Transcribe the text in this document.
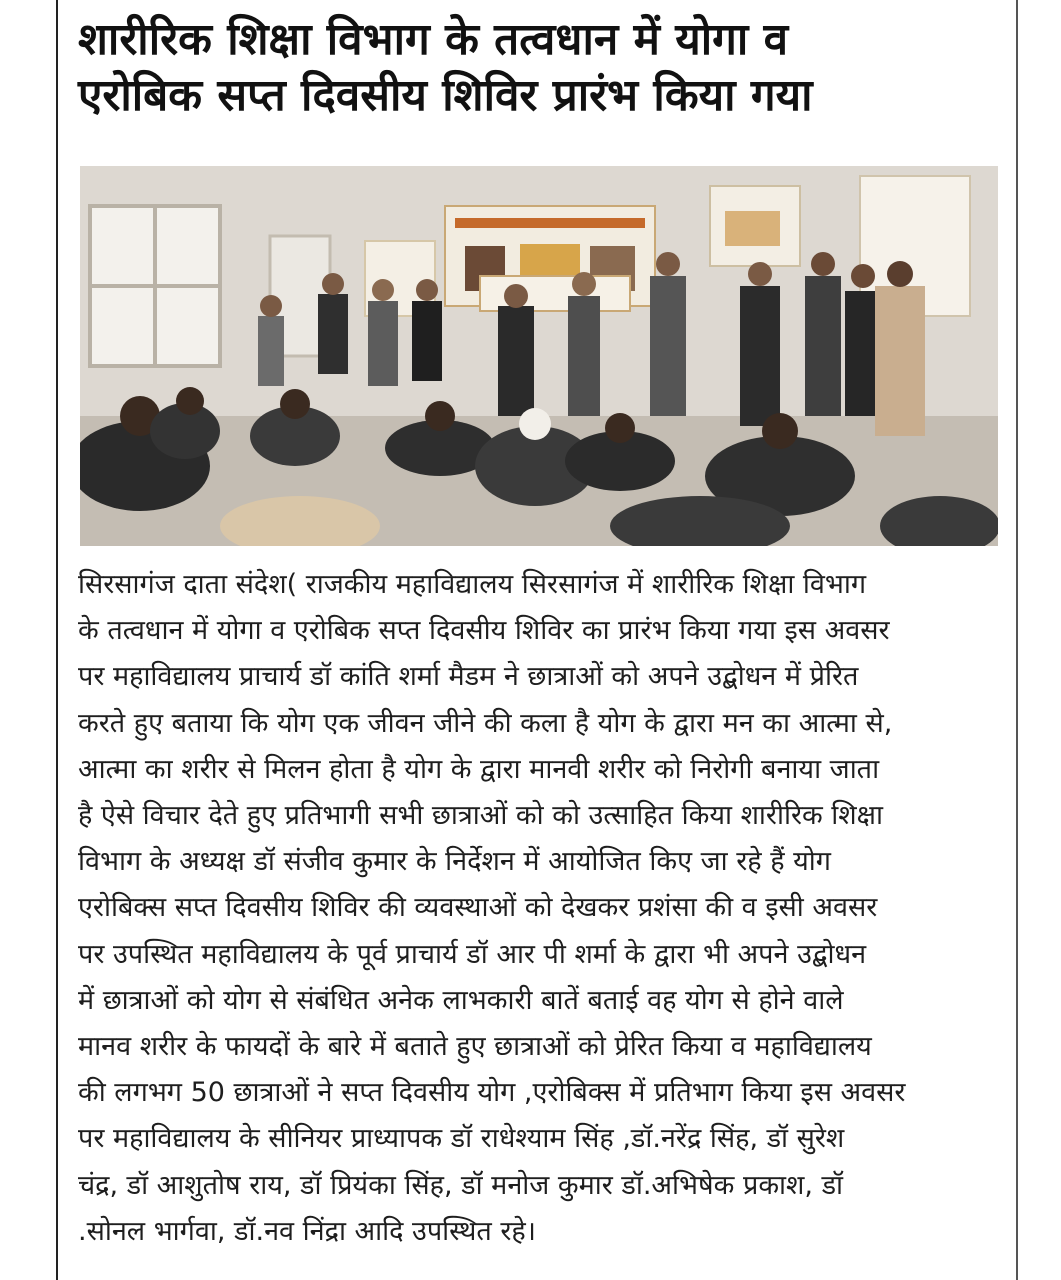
शारीरिक शिक्षा विभाग के तत्वधान में योगा व
एरोबिक सप्त दिवसीय शिविर प्रारंभ किया गया
सिरसागंज दाता संदेश( राजकीय महाविद्यालय सिरसागंज में शारीरिक शिक्षा विभाग
के तत्वधान में योगा व एरोबिक सप्त दिवसीय शिविर का प्रारंभ किया गया इस अवसर
पर महाविद्यालय प्राचार्य डॉ कांति शर्मा मैडम ने छात्राओं को अपने उद्बोधन में प्रेरित
करते हुए बताया कि योग एक जीवन जीने की कला है योग के द्वारा मन का आत्मा से,
आत्मा का शरीर से मिलन होता है योग के द्वारा मानवी शरीर को निरोगी बनाया जाता
है ऐसे विचार देते हुए प्रतिभागी सभी छात्राओं को को उत्साहित किया शारीरिक शिक्षा
विभाग के अध्यक्ष डॉ संजीव कुमार के निर्देशन में आयोजित किए जा रहे हैं योग
एरोबिक्स सप्त दिवसीय शिविर की व्यवस्थाओं को देखकर प्रशंसा की व इसी अवसर
पर उपस्थित महाविद्यालय के पूर्व प्राचार्य डॉ आर पी शर्मा के द्वारा भी अपने उद्बोधन
में छात्राओं को योग से संबंधित अनेक लाभकारी बातें बताई वह योग से होने वाले
मानव शरीर के फायदों के बारे में बताते हुए छात्राओं को प्रेरित किया व महाविद्यालय
की लगभग 50 छात्राओं ने सप्त दिवसीय योग ,एरोबिक्स में प्रतिभाग किया इस अवसर
पर महाविद्यालय के सीनियर प्राध्यापक डॉ राधेश्याम सिंह ,डॉ.नरेंद्र सिंह, डॉ सुरेश
चंद्र, डॉ आशुतोष राय, डॉ प्रियंका सिंह, डॉ मनोज कुमार डॉ.अभिषेक प्रकाश, डॉ
.सोनल भार्गवा, डॉ.नव निंद्रा आदि उपस्थित रहे।
